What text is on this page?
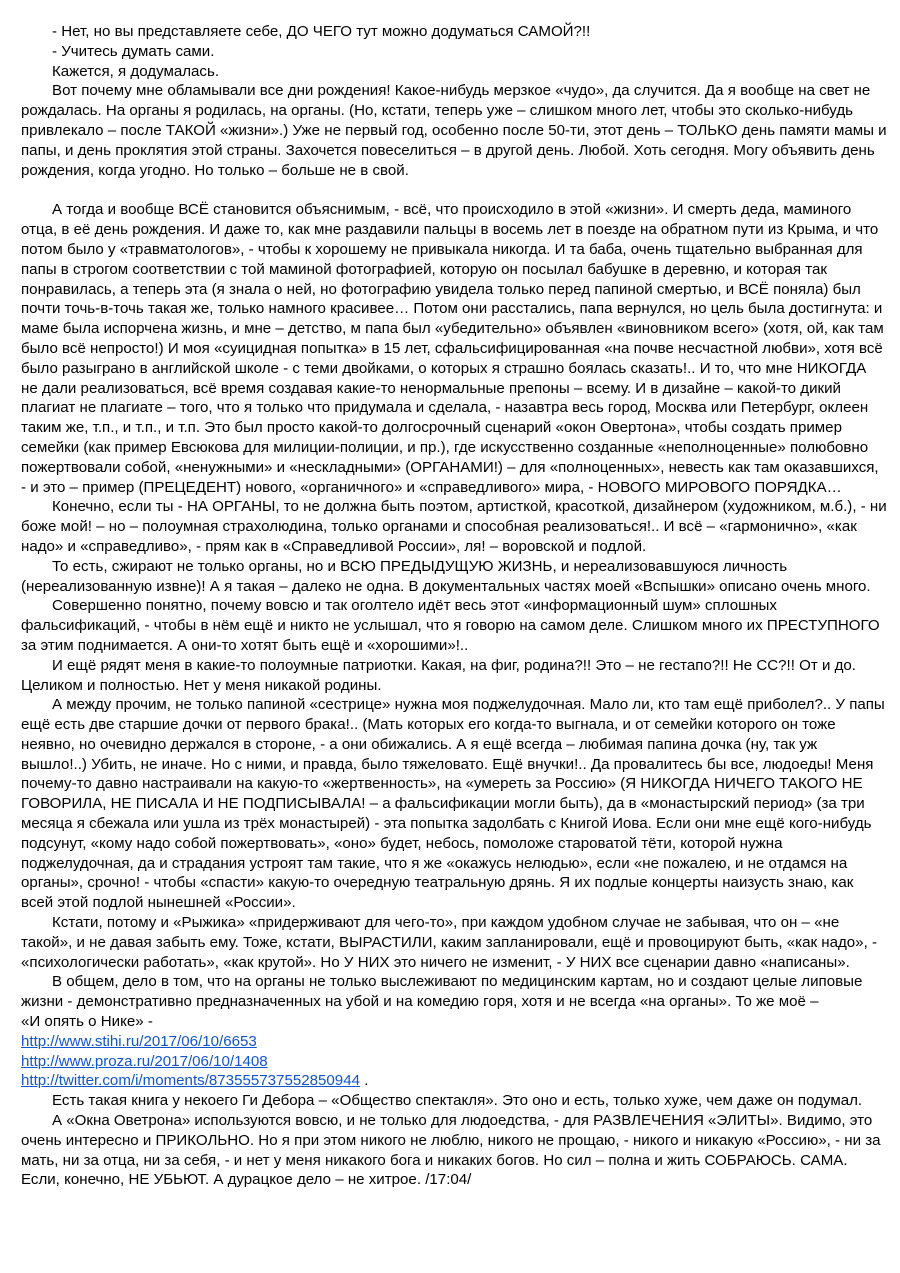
- Нет, но вы представляете себе, ДО ЧЕГО тут можно додуматься САМОЙ?!!

- Учитесь думать сами.

Кажется, я додумалась.

Вот почему мне обламывали все дни рождения! Какое-нибудь мерзкое «чудо», да случится. Да я вообще на свет не рождалась. На органы я родилась, на органы. (Но, кстати, теперь уже – слишком много лет, чтобы это сколько-нибудь привлекало – после ТАКОЙ «жизни».) Уже не первый год, особенно после 50-ти, этот день – ТОЛЬКО день памяти мамы и папы, и день проклятия этой страны. Захочется повеселиться – в другой день. Любой. Хоть сегодня. Могу объявить день рождения, когда угодно. Но только – больше не в свой.

А тогда и вообще ВСЁ становится объяснимым, - всё, что происходило в этой «жизни». И смерть деда, маминого отца, в её день рождения. И даже то, как мне раздавили пальцы в восемь лет в поезде на обратном пути из Крыма, и что потом было у «травматологов», - чтобы к хорошему не привыкала никогда. И та баба, очень тщательно выбранная для папы в строгом соответствии с той маминой фотографией, которую он посылал бабушке в деревню, и которая так понравилась, а теперь эта (я знала о ней, но фотографию увидела только перед папиной смертью, и ВСЁ поняла) был почти точь-в-точь такая же, только намного красивее… Потом они расстались, папа вернулся, но цель была достигнута: и маме была испорчена жизнь, и мне – детство, м папа был «убедительно» объявлен «виновником всего» (хотя, ой, как там было всё непросто!) И моя «суицидная попытка» в 15 лет, сфальсифицированная «на почве несчастной любви», хотя всё было разыграно в английской школе - с теми двойками, о которых я страшно боялась сказать!.. И то, что мне НИКОГДА не дали реализоваться, всё время создавая какие-то ненормальные препоны – всему. И в дизайне – какой-то дикий плагиат не плагиате – того, что я только что придумала и сделала, - назавтра весь город, Москва или Петербург, оклеен таким же, т.п., и т.п., и т.п. Это был просто какой-то долгосрочный сценарий «окон Овертона», чтобы создать пример семейки (как пример Евсюкова для милиции-полиции, и пр.), где искусственно созданные «неполноценные» полюбовно пожертвовали собой, «ненужными» и «нескладными» (ОРГАНАМИ!) – для «полноценных», невесть как там оказавшихся, - и это – пример (ПРЕЦЕДЕНТ) нового, «органичного» и «справедливого» мира, - НОВОГО МИРОВОГО ПОРЯДКА…

Конечно, если ты - НА ОРГАНЫ, то не должна быть поэтом, артисткой, красоткой, дизайнером (художником, м.б.), - ни боже мой! – но – полоумная страхолюдина, только органами и способная реализоваться!.. И всё – «гармонично», «как надо» и «справедливо», - прям как в «Справедливой России», ля! – воровской и подлой.

То есть, сжирают не только органы, но и ВСЮ ПРЕДЫДУЩУЮ ЖИЗНЬ, и нереализовавшуюся личность (нереализованную извне)! А я такая – далеко не одна. В документальных частях моей «Вспышки» описано очень много.

Совершенно понятно, почему вовсю и так оголтело идёт весь этот «информационный шум» сплошных фальсификаций, - чтобы в нём ещё и никто не услышал, что я говорю на самом деле. Слишком много их ПРЕСТУПНОГО за этим поднимается. А они-то хотят быть ещё и «хорошими»!..

И ещё рядят меня в какие-то полоумные патриотки. Какая, на фиг, родина?!! Это – не гестапо?!! Не СС?!! От и до. Целиком и полностью. Нет у меня никакой родины.

А между прочим, не только папиной «сестрице» нужна моя поджелудочная. Мало ли, кто там ещё приболел?.. У папы ещё есть две старшие дочки от первого брака!.. (Мать которых его когда-то выгнала, и от семейки которого он тоже неявно, но очевидно держался в стороне, - а они обижались. А я ещё всегда – любимая папина дочка (ну, так уж вышло!..) Убить, не иначе. Но с ними, и правда, было тяжеловато. Ещё внучки!.. Да провалитесь бы все, людоеды! Меня почему-то давно настраивали на какую-то «жертвенность», на «умереть за Россию» (Я НИКОГДА НИЧЕГО ТАКОГО НЕ ГОВОРИЛА, НЕ ПИСАЛА И НЕ ПОДПИСЫВАЛА! – а фальсификации могли быть), да в «монастырский период» (за три месяца я сбежала или ушла из трёх монастырей) - эта попытка задолбать с Книгой Иова. Если они мне ещё кого-нибудь подсунут, «кому надо собой пожертвовать», «оно» будет, небось, помоложе староватой тёти, которой нужна поджелудочная, да и страдания устроят там такие, что я же «окажусь нелюдью», если «не пожалею, и не отдамся на органы», срочно! - чтобы «спасти» какую-то очередную театральную дрянь. Я их подлые концерты наизусть знаю, как всей этой подлой нынешней «России».

Кстати, потому и «Рыжика» «придерживают для чего-то», при каждом удобном случае не забывая, что он – «не такой», и не давая забыть ему. Тоже, кстати, ВЫРАСТИЛИ, каким запланировали, ещё и провоцируют быть, «как надо», - «психологически работать», «как крутой». Но У НИХ это ничего не изменит, - У НИХ все сценарии давно «написаны».

В общем, дело в том, что на органы не только выслеживают по медицинским картам, но и создают целые липовые жизни - демонстративно предназначенных на убой и на комедию горя, хотя и не всегда «на органы». То же моё –

«И опять о Нике» -

http://www.stihi.ru/2017/06/10/6653

http://www.proza.ru/2017/06/10/1408

http://twitter.com/i/moments/873555737552850944 .

Есть такая книга у некоего Ги Дебора – «Общество спектакля». Это оно и есть, только хуже, чем даже он подумал.

А «Окна Оветрона» используются вовсю, и не только для людоедства, - для РАЗВЛЕЧЕНИЯ «ЭЛИТЫ». Видимо, это очень интересно и ПРИКОЛЬНО. Но я при этом никого не люблю, никого не прощаю, - никого и никакую «Россию», - ни за мать, ни за отца, ни за себя, - и нет у меня никакого бога и никаких богов. Но сил – полна и жить СОБРАЮСЬ. САМА. Если, конечно, НЕ УБЬЮТ. А дурацкое дело – не хитрое. /17:04/
